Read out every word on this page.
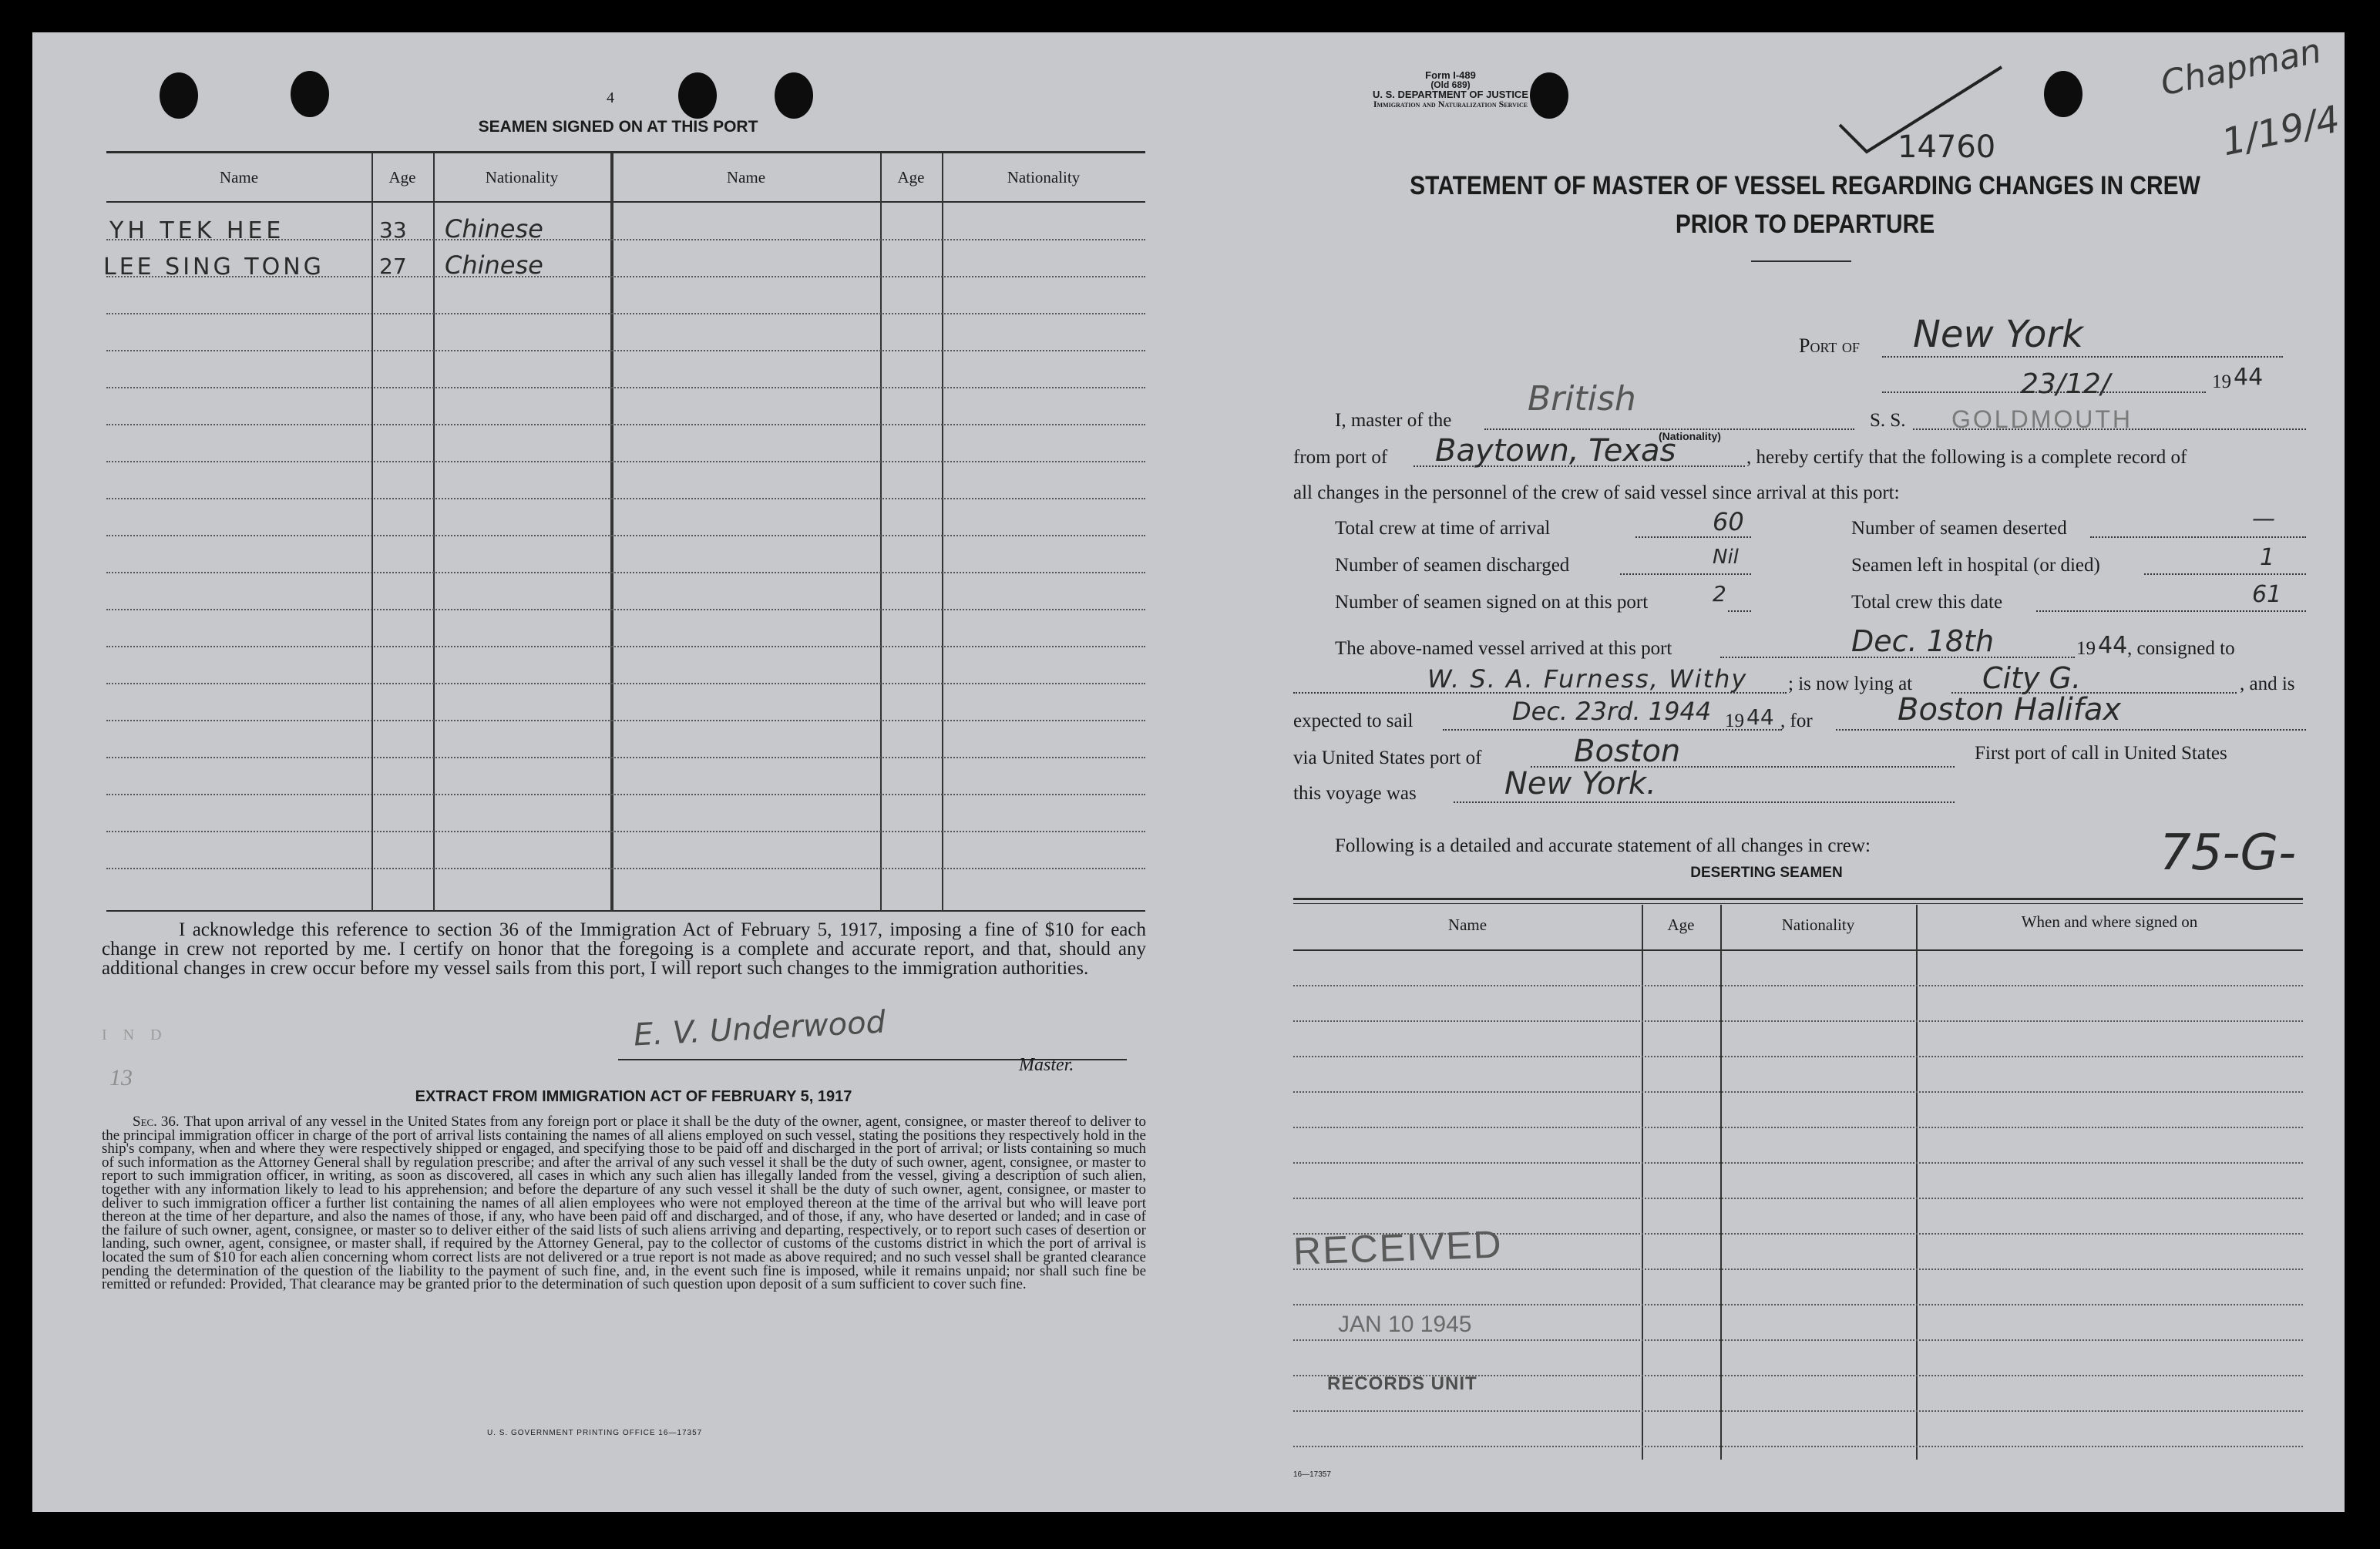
4
SEAMEN SIGNED ON AT THIS PORT
Name	Age	Nationality	Name	Age	Nationality
YH TEK HEE	33 Chinese
LEE SING TONG	27 Chinese
I acknowledge this reference to section 36 of the Immigration Act of February 5, 1917, imposing a fine of $10 for each change in crew not reported by me. I certify on honor that the foregoing is a complete and accurate report, and that, should any additional changes in crew occur before my vessel sails from this port, I will report such changes to the immigration authorities.
I N D
13
E. V. Underwood
Master.
EXTRACT FROM IMMIGRATION ACT OF FEBRUARY 5, 1917
Sec. 36. That upon arrival of any vessel in the United States from any foreign port or place it shall be the duty of the owner, agent, consignee, or master thereof to deliver to the principal immigration officer in charge of the port of arrival lists containing the names of all aliens employed on such vessel, stating the positions they respectively hold in the ship's company, when and where they were respectively shipped or engaged, and specifying those to be paid off and discharged in the port of arrival; or lists containing so much of such information as the Attorney General shall by regulation prescribe; and after the arrival of any such vessel it shall be the duty of such owner, agent, consignee, or master to report to such immigration officer, in writing, as soon as discovered, all cases in which any such alien has illegally landed from the vessel, giving a description of such alien, together with any information likely to lead to his apprehension; and before the departure of any such vessel it shall be the duty of such owner, agent, consignee, or master to deliver to such immigration officer a further list containing the names of all alien employees who were not employed thereon at the time of the arrival but who will leave port thereon at the time of her departure, and also the names of those, if any, who have been paid off and discharged, and of those, if any, who have deserted or landed; and in case of the failure of such owner, agent, consignee, or master so to deliver either of the said lists of such aliens arriving and departing, respectively, or to report such cases of desertion or landing, such owner, agent, consignee, or master shall, if required by the Attorney General, pay to the collector of customs of the customs district in which the port of arrival is located the sum of $10 for each alien concerning whom correct lists are not delivered or a true report is not made as above required; and no such vessel shall be granted clearance pending the determination of the question of the liability to the payment of such fine, and, in the event such fine is imposed, while it remains unpaid; nor shall such fine be remitted or refunded: Provided, That clearance may be granted prior to the determination of such question upon deposit of a sum sufficient to cover such fine.
U. S. GOVERNMENT PRINTING OFFICE 16—17357
Form I-489
(Old 689)
U. S. DEPARTMENT OF JUSTICE
Immigration and Naturalization Service
14760
Chapman
1/19/4
STATEMENT OF MASTER OF VESSEL REGARDING CHANGES IN CREW
PRIOR TO DEPARTURE
Port of New York
23/12/	19 44
I, master of the
British
(Nationality)
S. S. GOLDMOUTH
from port of Baytown, Texas	, hereby certify that the following is a complete record of
all changes in the personnel of the crew of said vessel since arrival at this port:
Total crew at time of arrival	60
Number of seamen discharged	Nil
Number of seamen signed on at this port	2
Number of seamen deserted	—
Seamen left in hospital (or died)	1
Total crew this date	61
The above-named vessel arrived at this port	Dec. 18th	19 44 , consigned to
W. S. A. Furness, Withy ; is now lying at City G.	, and is
expected to sail	Dec. 23rd. 1944 19 44 , for	Boston Halifax
via United States port of	Boston	First port of call in United States
this voyage was	New York.
Following is a detailed and accurate statement of all changes in crew:
DESERTING SEAMEN	75-G-
Name	Age	Nationality	When and where signed on
RECEIVED
JAN 10 1945
RECORDS UNIT
16—17357
